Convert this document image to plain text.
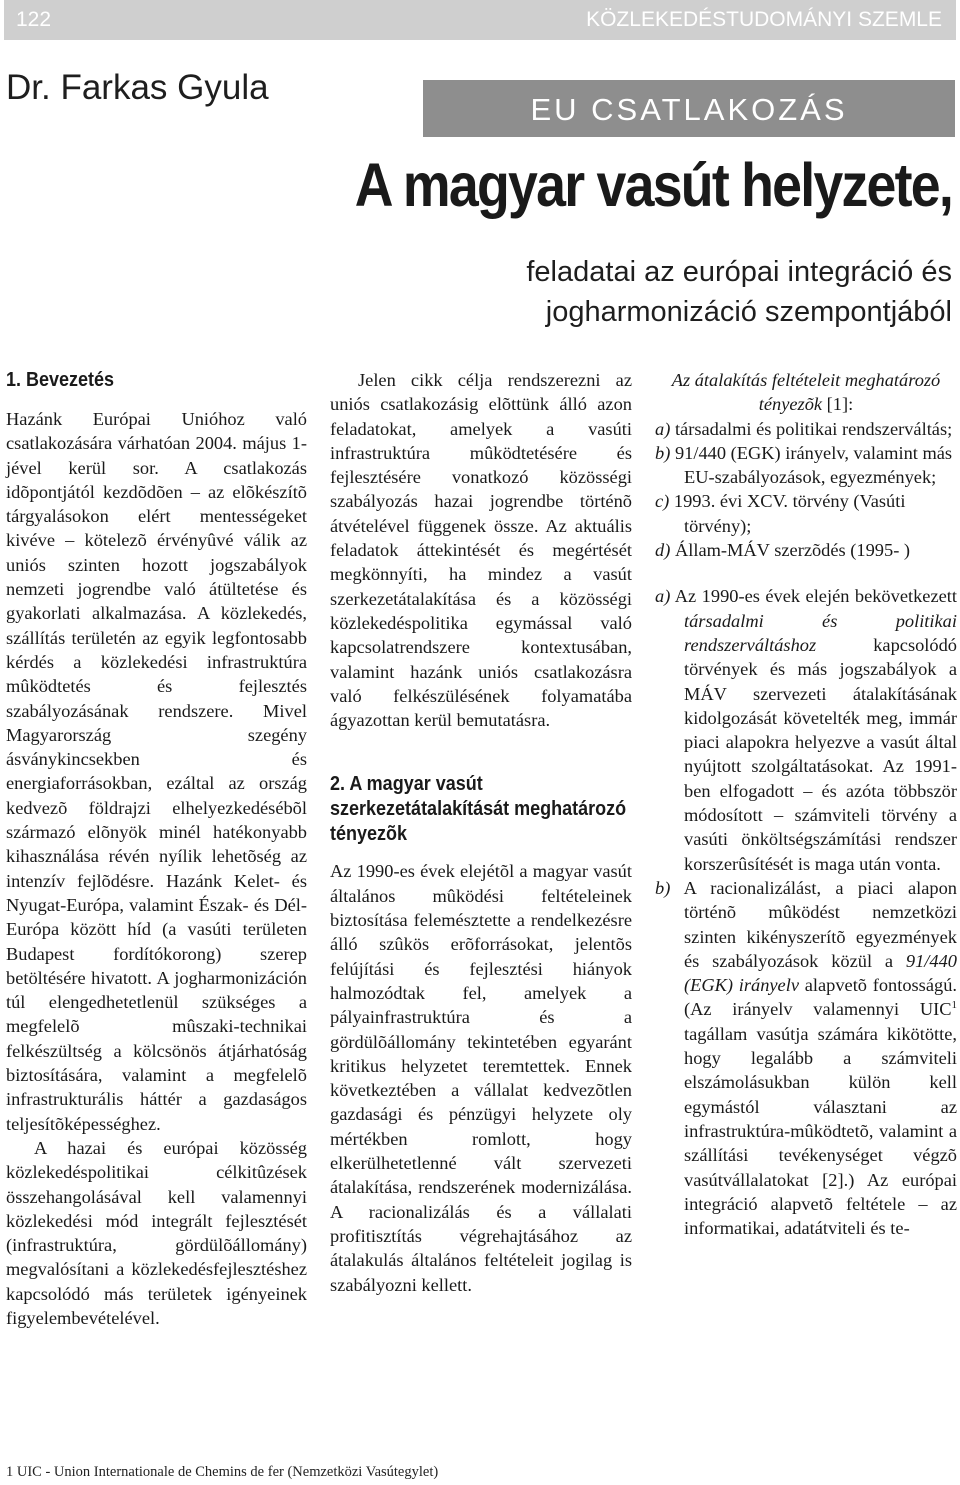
122	KÖZLEKEDÉSTUDOMÁNYI SZEMLE
Dr. Farkas Gyula
EU CSATLAKOZÁS
A magyar vasút helyzete,
feladatai az európai integráció és
jogharmonizáció szempontjából
1. Bevezetés

Hazánk Európai Unióhoz való csatlakozására várhatóan 2004. május 1-jével kerül sor. A csatlakozás idõpontjától kezdõdõen – az elõkészítõ tárgyalásokon elért mentességeket kivéve – kötelezõ érvényûvé válik az uniós szinten hozott jogszabályok nemzeti jogrendbe való átültetése és gyakorlati alkalmazása. A közlekedés, szállítás területén az egyik legfontosabb kérdés a közlekedési infrastruktúra mûködtetés és fejlesztés szabályozásának rendszere. Mivel Magyarország szegény ásványkincsekben és energiaforrásokban, ezáltal az ország kedvezõ földrajzi elhelyezkedésébõl származó elõnyök minél hatékonyabb kihasználása révén nyílik lehetõség az intenzív fejlõdésre. Hazánk Kelet- és Nyugat-Európa, valamint Észak- és Dél-Európa között híd (a vasúti területen Budapest fordítókorong) szerep betöltésére hivatott. A jogharmonizáción túl elengedhetetlenül szükséges a megfelelõ mûszaki-technikai felkészültség a kölcsönös átjárhatóság biztosítására, valamint a megfelelõ infrastrukturális háttér a gazdaságos teljesítõképességhez.

A hazai és európai közösség közlekedéspolitikai célkitûzések összehangolásával kell valamennyi közlekedési mód integrált fejlesztését (infrastruktúra, gördülõállomány) megvalósítani a közlekedésfejlesztéshez kapcsolódó más területek igényeinek figyelembevételével.

Jelen cikk célja rendszerezni az uniós csatlakozásig elõttünk álló azon feladatokat, amelyek a vasúti infrastruktúra mûködtetésére és fejlesztésére vonatkozó közösségi szabályozás hazai jogrendbe történõ átvételével függenek össze. Az aktuális feladatok áttekintését és megértését megkönnyíti, ha mindez a vasút szerkezetátalakítása és a közösségi közlekedéspolitika egymással való kapcsolatrendszere kontextusában, valamint hazánk uniós csatlakozásra való felkészülésének folyamatába ágyazottan kerül bemutatásra.

2. A magyar vasút szerkezetátalakítását meghatározó tényezõk

Az 1990-es évek elejétõl a magyar vasút általános mûködési feltételeinek biztosítása felemésztette a rendelkezésre álló szûkös erõforrásokat, jelentõs felújítási és fejlesztési hiányok halmozódtak fel, amelyek a pályainfrastruktúra és a gördülõállomány tekintetében egyaránt kritikus helyzetet teremtettek. Ennek következtében a vállalat kedvezõtlen gazdasági és pénzügyi helyzete oly mértékben romlott, hogy elkerülhetetlenné vált szervezeti átalakítása, rendszerének modernizálása. A racionalizálás és a vállalati profitisztítás végrehajtásához az átalakulás általános feltételeit jogilag is szabályozni kellett.

Az átalakítás feltételeit meghatározó tényezõk [1]:

a) társadalmi és politikai rendszerváltás;

b) 91/440 (EGK) irányelv, valamint más EU-szabályozások, egyezmények;

c) 1993. évi XCV. törvény (Vasúti törvény);

d) Állam-MÁV szerzõdés (1995- )

a) Az 1990-es évek elején bekövetkezett társadalmi és politikai rendszerváltáshoz kapcsolódó törvények és más jogszabályok a MÁV szervezeti átalakításának kidolgozását követelték meg, immár piaci alapokra helyezve a vasút által nyújtott szolgáltatásokat. Az 1991-ben elfogadott – és azóta többször módosított – számviteli törvény a vasúti önköltségszámítási rendszer korszerûsítését is maga után vonta.

b) A racionalizálást, a piaci alapon történõ mûködést nemzetközi szinten kikényszerítõ egyezmények és szabályozások közül a 91/440 (EGK) irányelv alapvetõ fontosságú. (Az irányelv valamennyi UIC$^1$ tagállam vasútja számára kikötötte, hogy legalább a számviteli elszámolásukban külön kell egymástól választani az infrastruktúra-mûködtetõ, valamint a szállítási tevékenységet végzõ vasútvállalatokat [2].) Az európai integráció alapvetõ feltétele – az informatikai, adatátviteli és te-

1 UIC - Union Internationale de Chemins de fer (Nemzetközi Vasútegylet)
